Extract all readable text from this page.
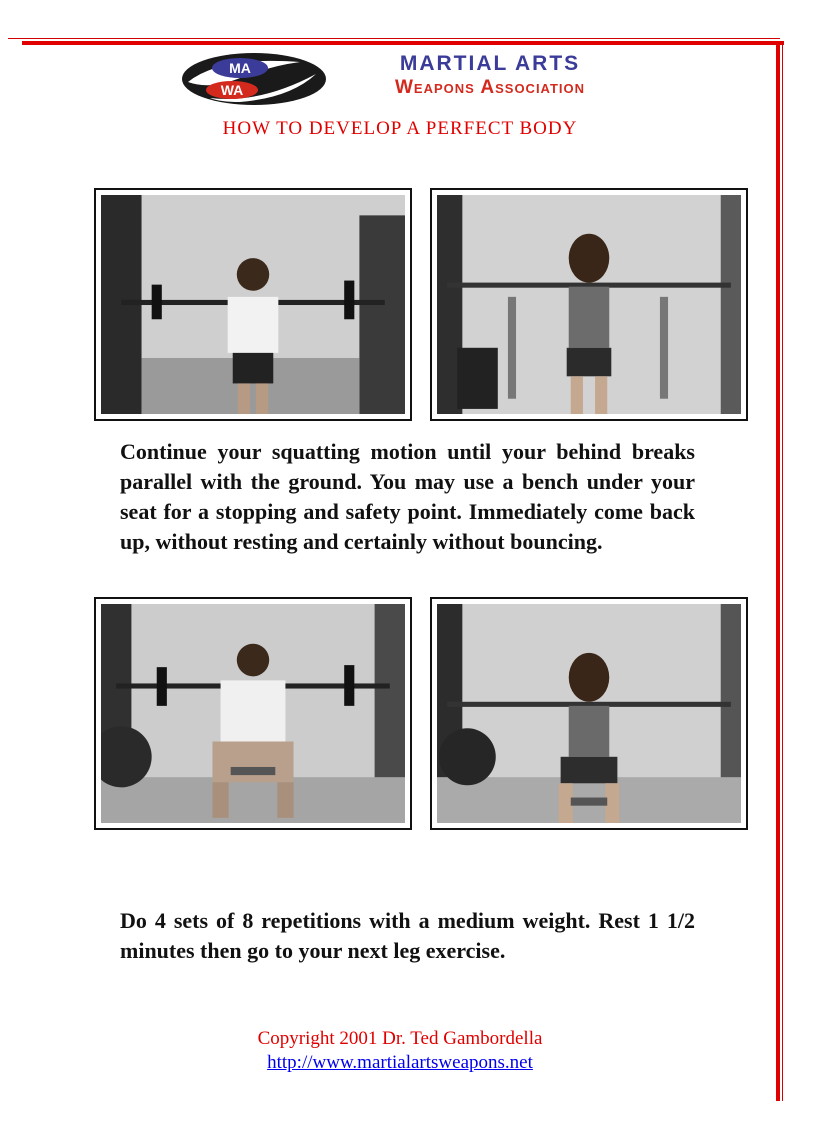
MA
WA
MARTIAL ARTS
Weapons Association
HOW TO DEVELOP A PERFECT BODY
Continue your squatting motion until your behind breaks parallel with the ground. You may use a bench under your seat for a stopping and safety point. Immediately come back up, without resting and certainly without bouncing.
Do 4 sets of 8 repetitions with a medium weight. Rest 1 1/2 minutes then go to your next leg exercise.
Copyright 2001 Dr. Ted Gambordella
http://www.martialartsweapons.net
